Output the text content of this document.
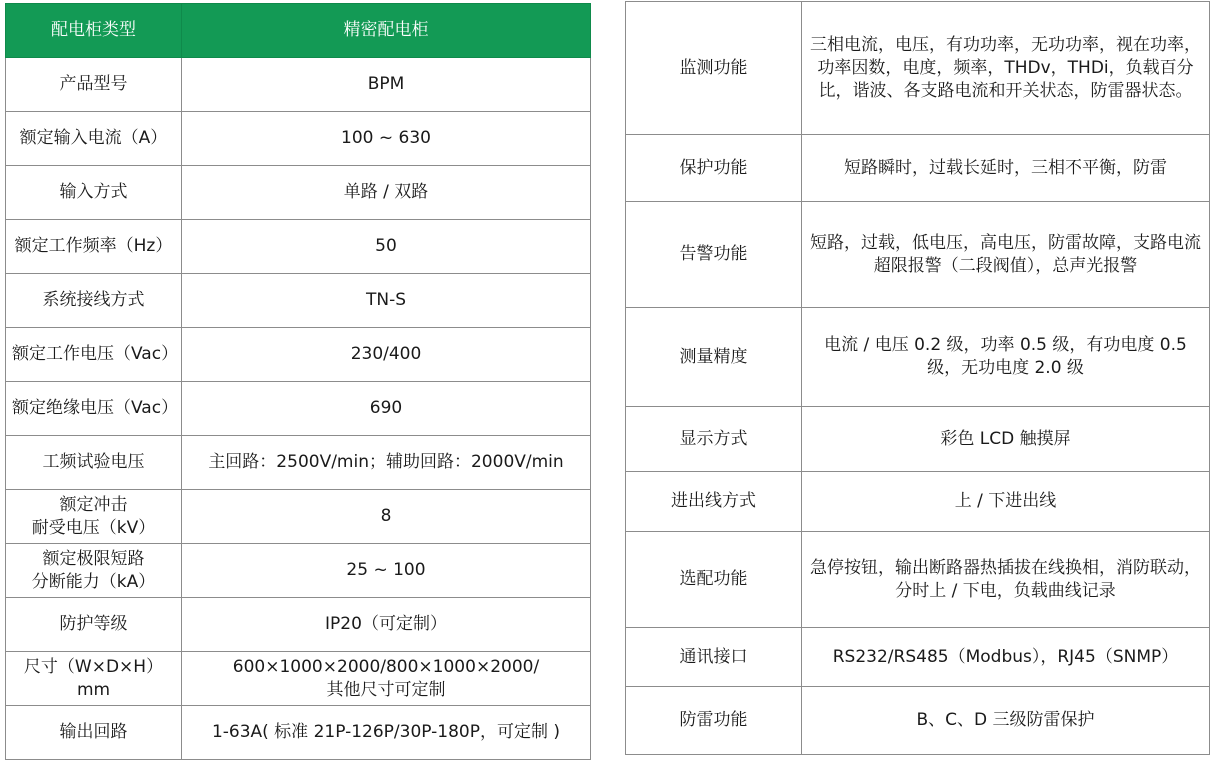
配电柜类型	精密配电柜
产品型号	BPM
额定输入电流（A）	100 ~ 630
输入方式	单路 / 双路
额定工作频率（Hz）	50
系统接线方式	TN-S
额定工作电压（Vac）	230/400
额定绝缘电压（Vac）	690
工频试验电压	主回路：2500V/min；辅助回路：2000V/min
额定冲击
耐受电压（kV）	8
额定极限短路
分断能力（kA）	25 ~ 100
防护等级	IP20（可定制）
尺寸（W×D×H）
mm	600×1000×2000/800×1000×2000/
其他尺寸可定制
输出回路	1-63A( 标准 21P-126P/30P-180P，可定制 )
监测功能	三相电流，电压，有功功率，无功功率，视在功率，功率因数，电度，频率，THDv，THDi，负载百分比，谐波、各支路电流和开关状态，防雷器状态。
保护功能	短路瞬时，过载长延时，三相不平衡，防雷
告警功能	短路，过载，低电压，高电压，防雷故障，支路电流超限报警（二段阀值），总声光报警
测量精度	电流 / 电压 0.2 级，功率 0.5 级，有功电度 0.5 级，无功电度 2.0 级
显示方式	彩色 LCD 触摸屏
进出线方式	上 / 下进出线
选配功能	急停按钮，输出断路器热插拔在线换相，消防联动，分时上 / 下电，负载曲线记录
通讯接口	RS232/RS485（Modbus），RJ45（SNMP）
防雷功能	B、C、D 三级防雷保护
